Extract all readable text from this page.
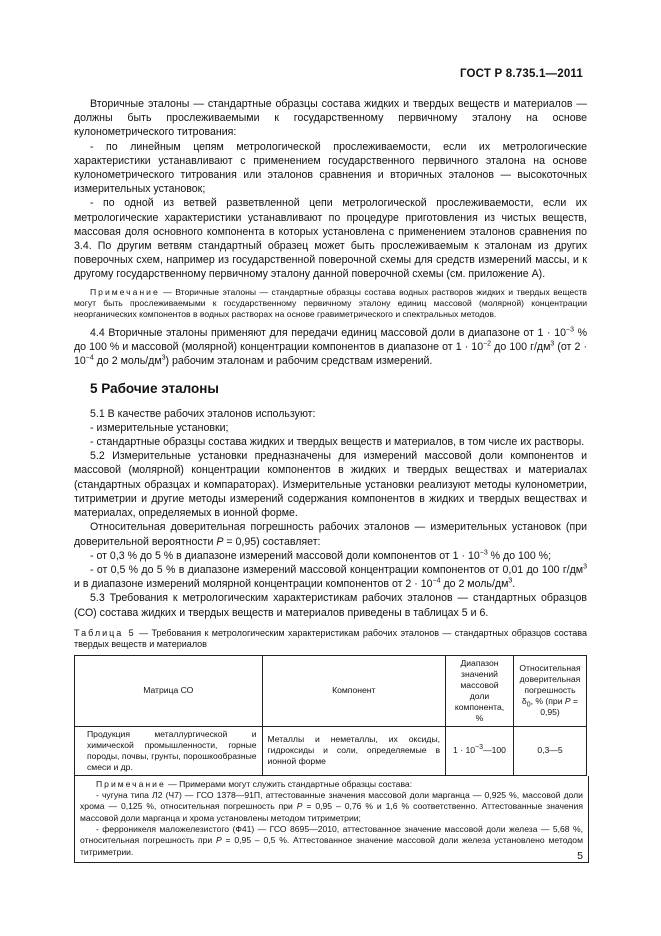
ГОСТ Р 8.735.1—2011

Вторичные эталоны — стандартные образцы состава жидких и твердых веществ и материалов — должны быть прослеживаемыми к государственному первичному эталону на основе кулонометрического титрования:

- по линейным цепям метрологической прослеживаемости, если их метрологические характеристики устанавливают с применением государственного первичного эталона на основе кулонометрического титрования или эталонов сравнения и вторичных эталонов — высокоточных измерительных установок;

- по одной из ветвей разветвленной цепи метрологической прослеживаемости, если их метрологические характеристики устанавливают по процедуре приготовления из чистых веществ, массовая доля основного компонента в которых установлена с применением эталонов сравнения по 3.4. По другим ветвям стандартный образец может быть прослеживаемым к эталонам из других поверочных схем, например из государственной поверочной схемы для средств измерений массы, и к другому государственному первичному эталону данной поверочной схемы (см. приложение А).

Примечание — Вторичные эталоны — стандартные образцы состава водных растворов жидких и твердых веществ могут быть прослеживаемыми к государственному первичному эталону единиц массовой (молярной) концентрации неорганических компонентов в водных растворах на основе гравиметрического и спектральных методов.

4.4 Вторичные эталоны применяют для передачи единиц массовой доли в диапазоне от $1 \cdot 10^{-3}$ % до 100 % и массовой (молярной) концентрации компонентов в диапазоне от $1 \cdot 10^{-2}$ до 100 $г/дм^3$ (от $2 \cdot 10^{-4}$ до 2 моль/$дм^3$) рабочим эталонам и рабочим средствам измерений.

5 Рабочие эталоны

5.1 В качестве рабочих эталонов используют:

- измерительные установки;

- стандартные образцы состава жидких и твердых веществ и материалов, в том числе их растворы.

5.2 Измерительные установки предназначены для измерений массовой доли компонентов и массовой (молярной) концентрации компонентов в жидких и твердых веществах и материалах (стандартных образцах и компараторах). Измерительные установки реализуют методы кулонометрии, титриметрии и другие методы измерений содержания компонентов в жидких и твердых веществах и материалах, определяемых в ионной форме.

Относительная доверительная погрешность рабочих эталонов — измерительных установок (при доверительной вероятности P = 0,95) составляет:

- от 0,3 % до 5 % в диапазоне измерений массовой доли компонентов от $1 \cdot 10^{-3}$ % до 100 %;

- от 0,5 % до 5 % в диапазоне измерений массовой концентрации компонентов от 0,01 до 100 $г/дм^3$ и в диапазоне измерений молярной концентрации компонентов от $2 \cdot 10^{-4}$ до 2 моль/$дм^3$.

5.3 Требования к метрологическим характеристикам рабочих эталонов — стандартных образцов (СО) состава жидких и твердых веществ и материалов приведены в таблицах 5 и 6.

Таблица 5 — Требования к метрологическим характеристикам рабочих эталонов — стандартных образцов состава твердых веществ и материалов

Матрица СО	Компонент	Диапазон значений массовой доли компонента, %	Относительная доверительная погрешность $\delta_0$, % (при P = 0,95)
Продукция металлургической и химической промышленности, горные породы, почвы, грунты, порошкообразные смеси и др.	Металлы и неметаллы, их оксиды, гидроксиды и соли, определяемые в ионной форме	$1 \cdot 10^{-3}—100$	0,3—5

Примечание — Примерами могут служить стандартные образцы состава:

- чугуна типа Л2 (Ч7) — ГСО 1378—91П, аттестованные значения массовой доли марганца — 0,925 %, массовой доли хрома — 0,125 %, относительная погрешность при P = 0,95 – 0,76 % и 1,6 % соответственно. Аттестованные значения массовой доли марганца и хрома установлены методом титриметрии;

- ферроникеля маложелезистого (Ф41) — ГСО 8695—2010, аттестованное значение массовой доли железа — 5,68 %, относительная погрешность при P = 0,95 – 0,5 %. Аттестованное значение массовой доли железа установлено методом титриметрии.	5
